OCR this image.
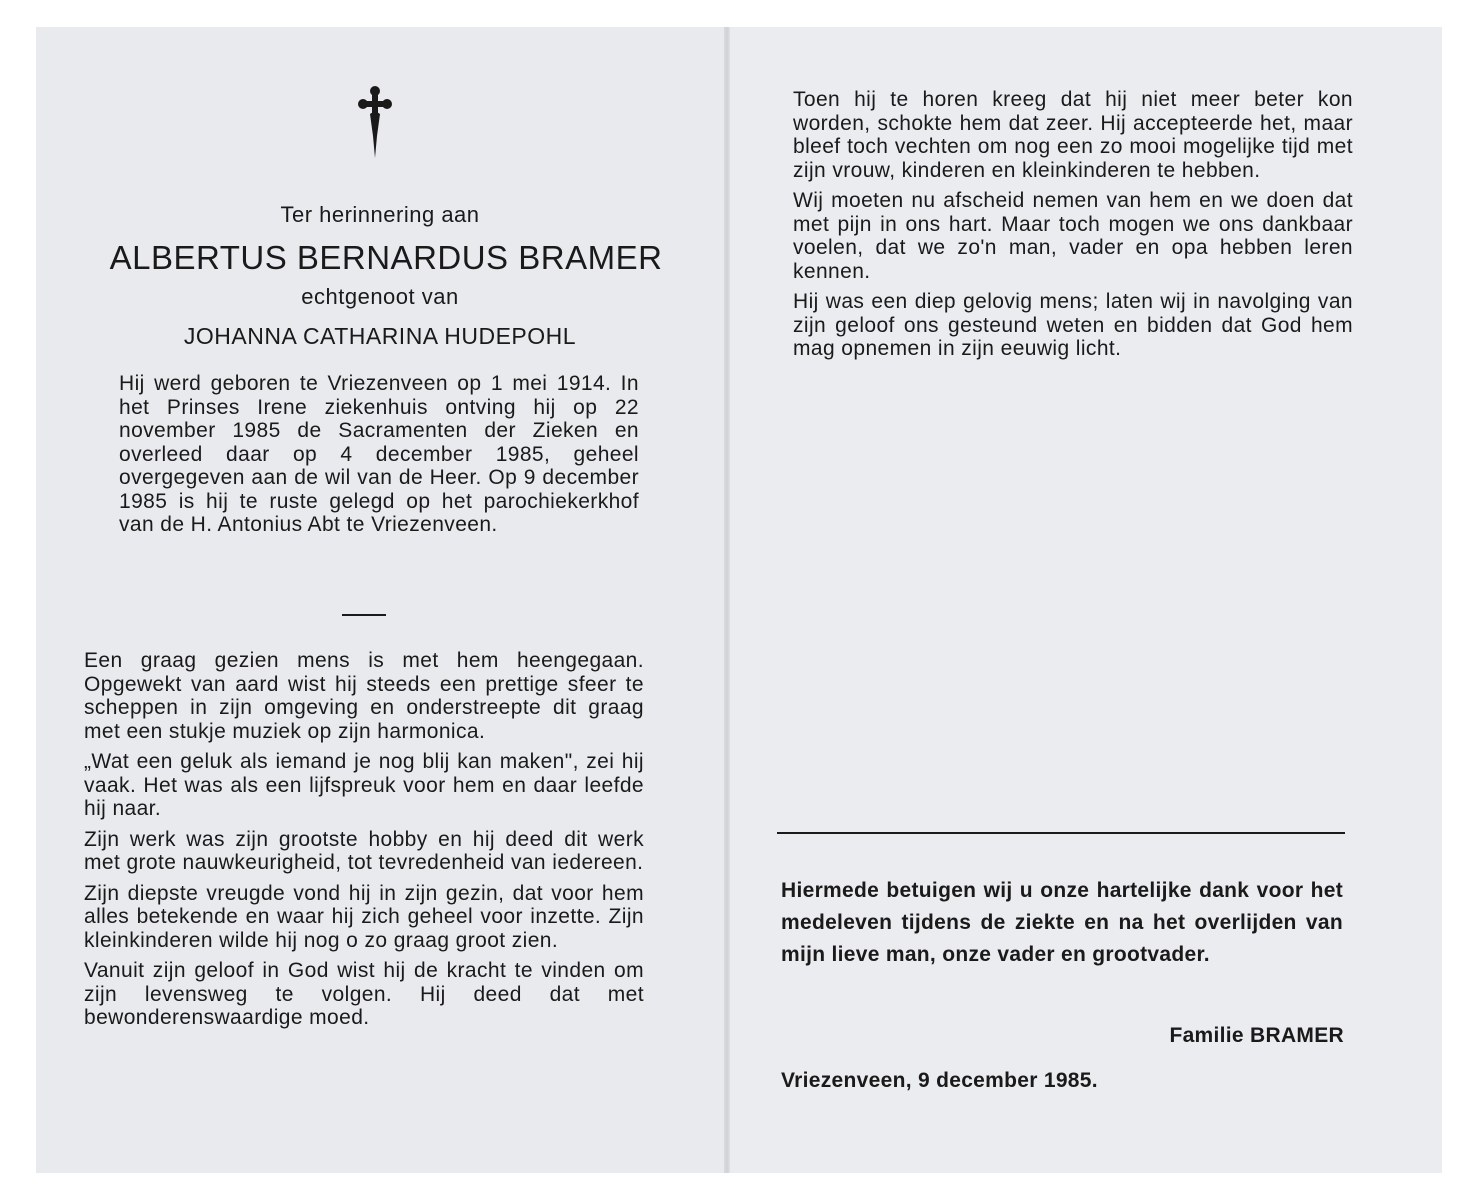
Ter herinnering aan
ALBERTUS BERNARDUS BRAMER
echtgenoot van
JOHANNA CATHARINA HUDEPOHL

Hij werd geboren te Vriezenveen op 1 mei 1914. In het Prinses Irene ziekenhuis ontving hij op 22 november 1985 de Sacramenten der Zieken en overleed daar op 4 december 1985, geheel overgegeven aan de wil van de Heer. Op 9 december 1985 is hij te ruste gelegd op het parochiekerkhof van de H. Antonius Abt te Vriezenveen.

Een graag gezien mens is met hem heengegaan. Opgewekt van aard wist hij steeds een prettige sfeer te scheppen in zijn omgeving en onderstreepte dit graag met een stukje muziek op zijn harmonica.

„Wat een geluk als iemand je nog blij kan maken", zei hij vaak. Het was als een lijfspreuk voor hem en daar leefde hij naar.

Zijn werk was zijn grootste hobby en hij deed dit werk met grote nauwkeurigheid, tot tevredenheid van iedereen.

Zijn diepste vreugde vond hij in zijn gezin, dat voor hem alles betekende en waar hij zich geheel voor inzette. Zijn kleinkinderen wilde hij nog o zo graag groot zien.

Vanuit zijn geloof in God wist hij de kracht te vinden om zijn levensweg te volgen. Hij deed dat met bewonderenswaardige moed.

Toen hij te horen kreeg dat hij niet meer beter kon worden, schokte hem dat zeer. Hij accepteerde het, maar bleef toch vechten om nog een zo mooi mogelijke tijd met zijn vrouw, kinderen en kleinkinderen te hebben.

Wij moeten nu afscheid nemen van hem en we doen dat met pijn in ons hart. Maar toch mogen we ons dankbaar voelen, dat we zo'n man, vader en opa hebben leren kennen.

Hij was een diep gelovig mens; laten wij in navolging van zijn geloof ons gesteund weten en bidden dat God hem mag opnemen in zijn eeuwig licht.

Hiermede betuigen wij u onze hartelijke dank voor het medeleven tijdens de ziekte en na het overlijden van mijn lieve man, onze vader en grootvader.

Familie BRAMER
Vriezenveen, 9 december 1985.
